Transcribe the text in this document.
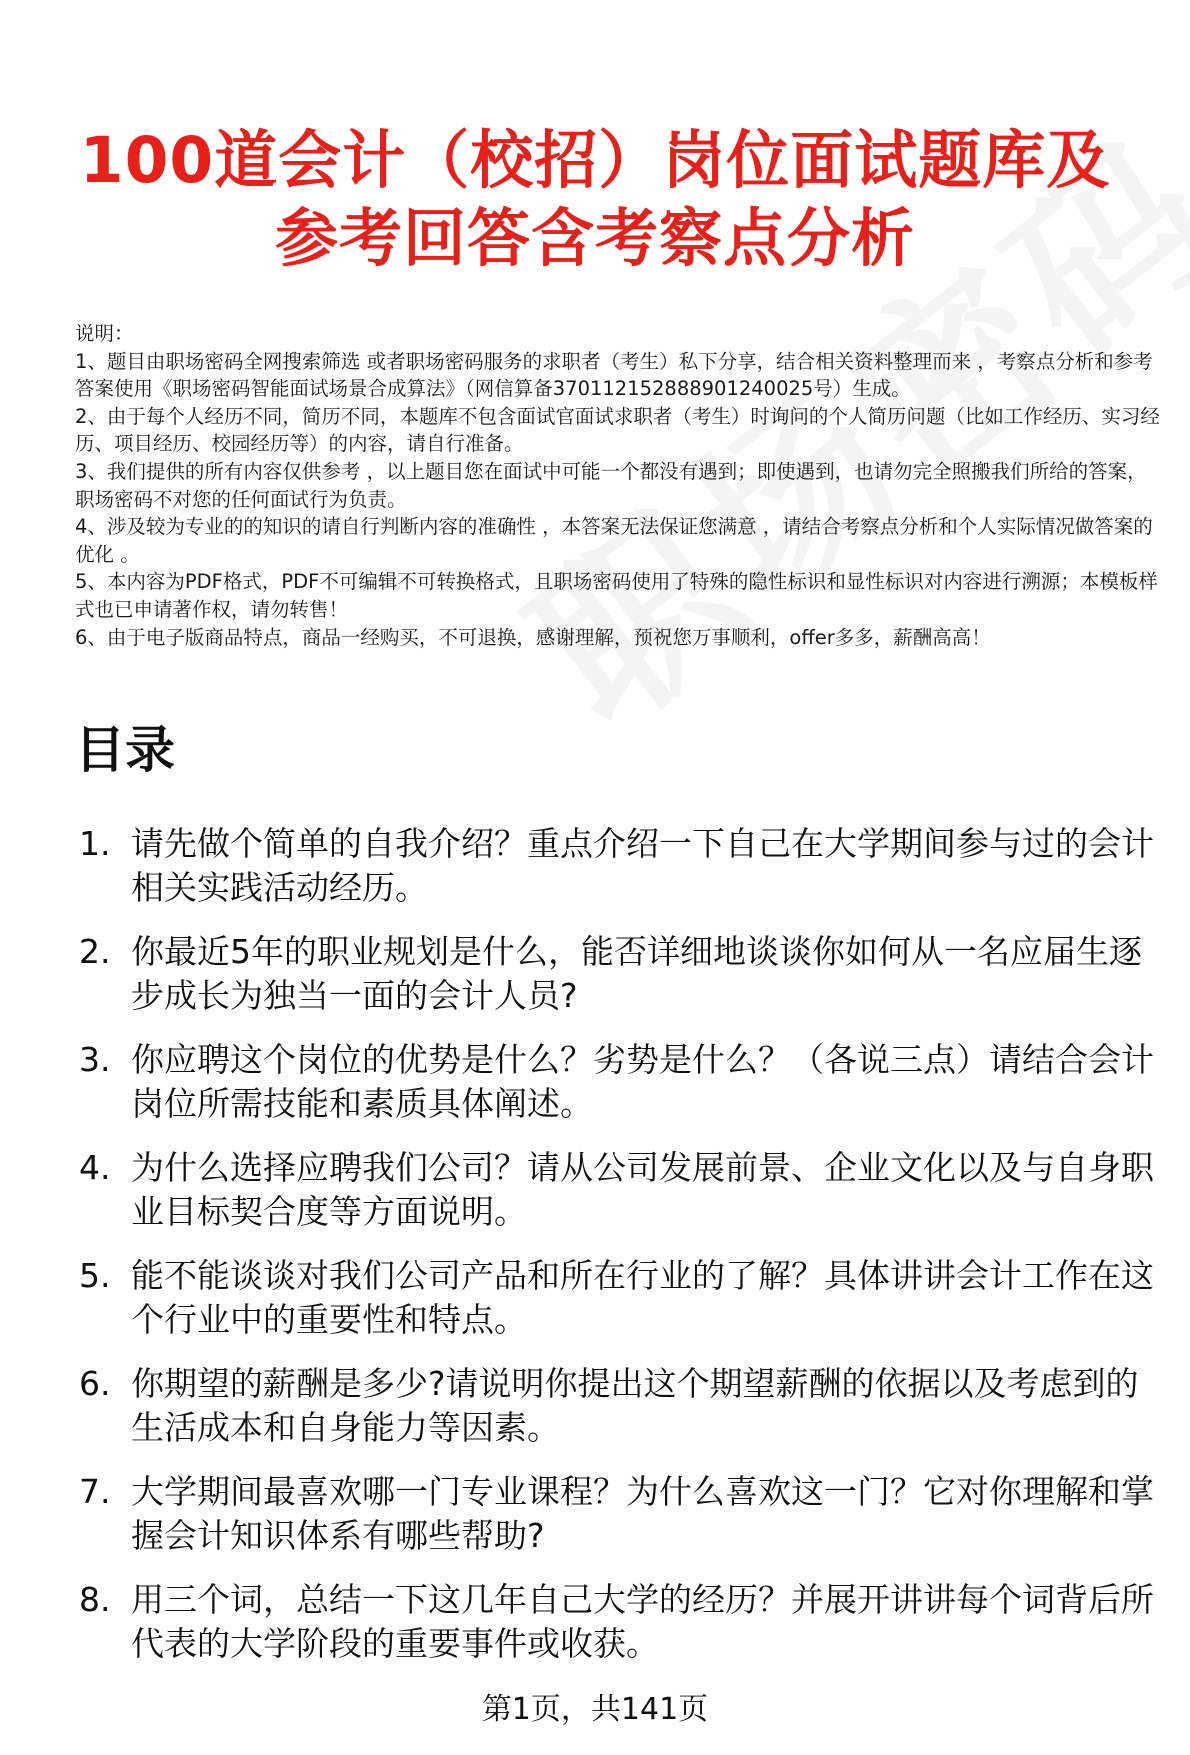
100道会计（校招）岗位面试题库及
参考回答含考察点分析

说明：

1、题目由职场密码全网搜索筛选 或者职场密码服务的求职者（考生）私下分享，结合相关资料整理而来 ，考察点分析和参考答案使用《职场密码智能面试场景合成算法》（网信算备370112152888901240025号）生成。

2、由于每个人经历不同，简历不同，本题库不包含面试官面试求职者（考生）时询问的个人简历问题（比如工作经历、实习经历、项目经历、校园经历等）的内容，请自行准备。

3、我们提供的所有内容仅供参考 ，以上题目您在面试中可能一个都没有遇到；即使遇到，也请勿完全照搬我们所给的答案，职场密码不对您的任何面试行为负责。

4、涉及较为专业的的知识的请自行判断内容的准确性 ，本答案无法保证您满意 ，请结合考察点分析和个人实际情况做答案的优化 。

5、本内容为PDF格式，PDF不可编辑不可转换格式，且职场密码使用了特殊的隐性标识和显性标识对内容进行溯源；本模板样式也已申请著作权，请勿转售！

6、由于电子版商品特点，商品一经购买，不可退换，感谢理解，预祝您万事顺利，offer多多，薪酬高高！

目录
1. 请先做个简单的自我介绍？重点介绍一下自己在大学期间参与过的会计相关实践活动经历。
2. 你最近5年的职业规划是什么，能否详细地谈谈你如何从一名应届生逐步成长为独当一面的会计人员?
3. 你应聘这个岗位的优势是什么？劣势是什么？（各说三点）请结合会计岗位所需技能和素质具体阐述。
4. 为什么选择应聘我们公司？请从公司发展前景、企业文化以及与自身职业目标契合度等方面说明。
5. 能不能谈谈对我们公司产品和所在行业的了解？具体讲讲会计工作在这个行业中的重要性和特点。
6. 你期望的薪酬是多少?请说明你提出这个期望薪酬的依据以及考虑到的生活成本和自身能力等因素。
7. 大学期间最喜欢哪一门专业课程？为什么喜欢这一门？它对你理解和掌握会计知识体系有哪些帮助?
8. 用三个词，总结一下这几年自己大学的经历？并展开讲讲每个词背后所代表的大学阶段的重要事件或收获。
第1页，共141页
